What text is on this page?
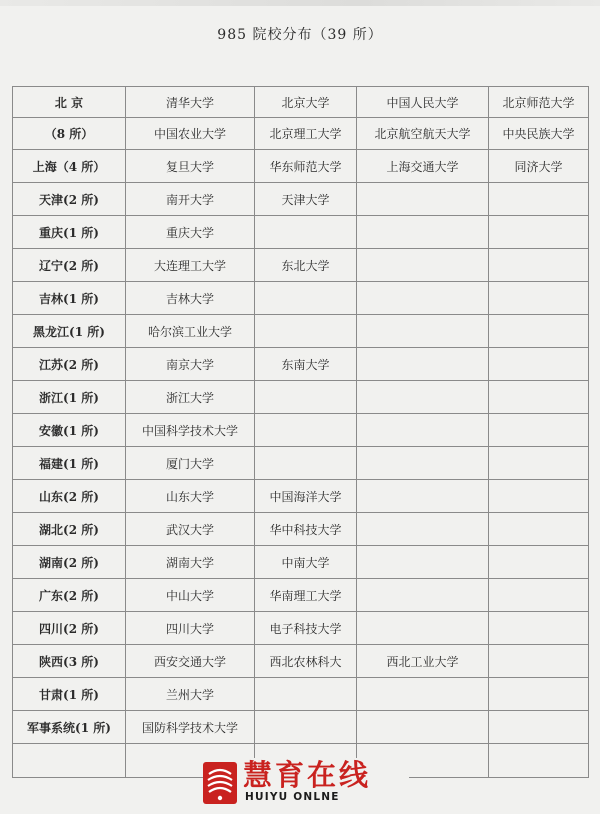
985 院校分布（39 所）
北 京	清华大学	北京大学	中国人民大学	北京师范大学
（8 所）	中国农业大学	北京理工大学	北京航空航天大学	中央民族大学
上海（4 所）	复旦大学	华东师范大学	上海交通大学	同济大学
天津(2 所)	南开大学	天津大学		
重庆(1 所)	重庆大学			
辽宁(2 所)	大连理工大学	东北大学		
吉林(1 所)	吉林大学			
黑龙江(1 所)	哈尔滨工业大学			
江苏(2 所)	南京大学	东南大学		
浙江(1 所)	浙江大学			
安徽(1 所)	中国科学技术大学			
福建(1 所)	厦门大学			
山东(2 所)	山东大学	中国海洋大学		
湖北(2 所)	武汉大学	华中科技大学		
湖南(2 所)	湖南大学	中南大学		
广东(2 所)	中山大学	华南理工大学		
四川(2 所)	四川大学	电子科技大学		
陕西(3 所)	西安交通大学	西北农林科大	西北工业大学	
甘肃(1 所)	兰州大学			
军事系统(1 所)	国防科学技术大学			

慧育在线
HUIYU ONLNE
